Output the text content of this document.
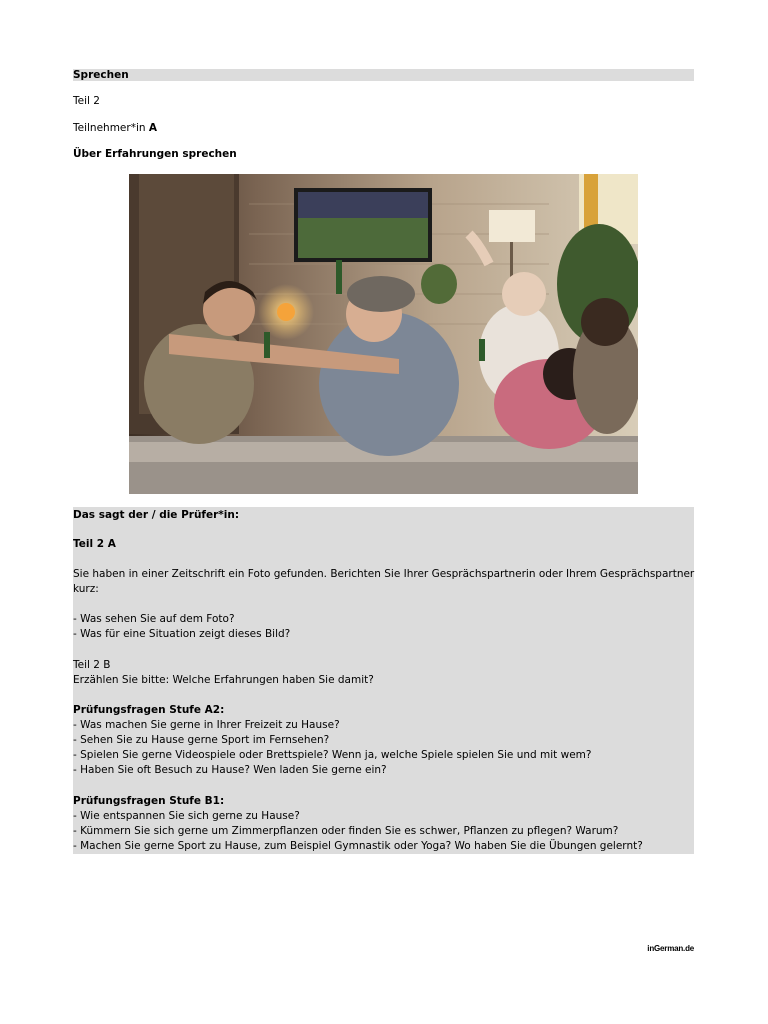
Sprechen
Teil 2
Teilnehmer*in A
Über Erfahrungen sprechen
Das sagt der / die Prüfer*in:
Teil 2 A
Sie haben in einer Zeitschrift ein Foto gefunden. Berichten Sie Ihrer Gesprächspartnerin oder Ihrem Gesprächspartner
kurz:
- Was sehen Sie auf dem Foto?
- Was für eine Situation zeigt dieses Bild?
Teil 2 B
Erzählen Sie bitte: Welche Erfahrungen haben Sie damit?
Prüfungsfragen Stufe A2:
- Was machen Sie gerne in Ihrer Freizeit zu Hause?
- Sehen Sie zu Hause gerne Sport im Fernsehen?
- Spielen Sie gerne Videospiele oder Brettspiele? Wenn ja, welche Spiele spielen Sie und mit wem?
- Haben Sie oft Besuch zu Hause? Wen laden Sie gerne ein?
Prüfungsfragen Stufe B1:
- Wie entspannen Sie sich gerne zu Hause?
- Kümmern Sie sich gerne um Zimmerpflanzen oder finden Sie es schwer, Pflanzen zu pflegen? Warum?
- Machen Sie gerne Sport zu Hause, zum Beispiel Gymnastik oder Yoga? Wo haben Sie die Übungen gelernt?
inGerman.de
